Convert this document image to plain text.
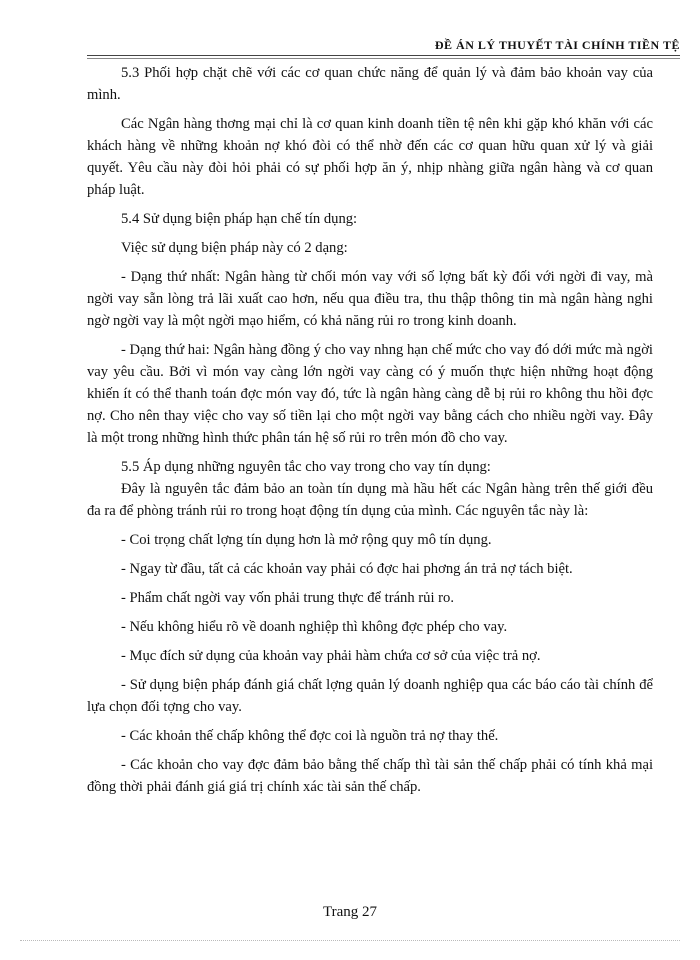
ĐỀ ÁN LÝ THUYẾT TÀI CHÍNH TIỀN TỆ

5.3 Phối hợp chặt chẽ với các cơ quan chức năng để quản lý và đảm bảo khoản vay của mình.

Các Ngân hàng thơng mại chỉ là cơ quan kinh doanh tiền tệ nên khi gặp khó khăn với các khách hàng về những khoản nợ khó đòi có thể nhờ đến các cơ quan hữu quan xử lý và giải quyết. Yêu cầu này đòi hỏi phải có sự phối hợp ăn ý, nhịp nhàng giữa ngân hàng và cơ quan pháp luật.

5.4 Sử dụng biện pháp hạn chế tín dụng:

Việc sử dụng biện pháp này có 2 dạng:

- Dạng thứ nhất: Ngân hàng từ chối món vay với số lợng bất kỳ đối với ngời đi vay, mà ngời vay sẵn lòng trả lãi xuất cao hơn, nếu qua điều tra, thu thập thông tin mà ngân hàng nghi ngờ ngời vay là một ngời mạo hiểm, có khả năng rủi ro trong kinh doanh.

- Dạng thứ hai: Ngân hàng đồng ý cho vay nhng hạn chế mức cho vay đó dới mức mà ngời vay yêu cầu. Bởi vì món vay càng lớn ngời vay càng có ý muốn thực hiện những hoạt động khiến ít có thể thanh toán đợc món vay đó, tức là ngân hàng càng dễ bị rủi ro không thu hồi đợc nợ. Cho nên thay việc cho vay số tiền lại cho một ngời vay bằng cách cho nhiều ngời vay. Đây là một trong những hình thức phân tán hệ số rủi ro trên món đồ cho vay.

5.5 Áp dụng những nguyên tắc cho vay trong cho vay tín dụng:

Đây là nguyên tắc đảm bảo an toàn tín dụng mà hầu hết các Ngân hàng trên thế giới đều đa ra để phòng tránh rủi ro trong hoạt động tín dụng của mình. Các nguyên tắc này là:

- Coi trọng chất lợng tín dụng hơn là mở rộng quy mô tín dụng.

- Ngay từ đầu, tất cả các khoản vay phải có đợc hai phơng án trả nợ tách biệt.

- Phẩm chất ngời vay vốn phải trung thực để tránh rủi ro.

- Nếu không hiểu rõ về doanh nghiệp thì không đợc phép cho vay.

- Mục đích sử dụng của khoản vay phải hàm chứa cơ sở của việc trả nợ.

- Sử dụng biện pháp đánh giá chất lợng quản lý doanh nghiệp qua các báo cáo tài chính để lựa chọn đối tợng cho vay.

- Các khoản thế chấp không thể đợc coi là nguồn trả nợ thay thế.

- Các khoản cho vay đợc đảm bảo bằng thế chấp thì tài sản thế chấp phải có tính khả mại đồng thời phải đánh giá giá trị chính xác tài sản thế chấp.

Trang 27
